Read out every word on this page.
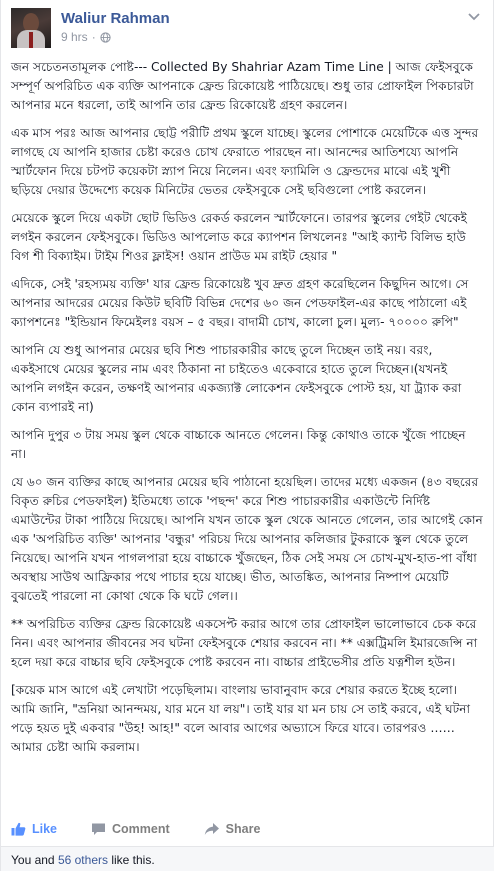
Waliur Rahman
9 hrs ·

জন সচেতনতামূলক পোষ্ট--- Collected By Shahriar Azam Time Line | আজ ফেইসবুকে সম্পূর্ণ অপরিচিত এক ব্যক্তি আপনাকে ফ্রেন্ড রিকোয়েষ্ট পাঠিয়েছে। শুধু তার প্রোফাইল পিকচারটা আপনার মনে ধরলো, তাই আপনি তার ফ্রেন্ড রিকোয়েষ্ট গ্রহণ করলেন।

এক মাস পরঃ আজ আপনার ছোট্ট পরীটি প্রথম স্কুলে যাচ্ছে। স্কুলের পোশাকে মেয়েটিকে এত্ত সুন্দর লাগছে যে আপনি হাজার চেষ্টা করেও চোখ ফেরাতে পারছেন না। আনন্দের আতিশয্যে আপনি স্মার্টফোন দিয়ে চটপট কয়েকটা স্ন্যাপ নিয়ে নিলেন। এবং ফ্যামিলি ও ফ্রেন্ডদের মাঝে এই খুশী ছড়িয়ে দেয়ার উদ্দেশ্যে কয়েক মিনিটের ভেতর ফেইসবুকে সেই ছবিগুলো পোষ্ট করলেন।

মেয়েকে স্কুলে দিয়ে একটা ছোট ভিডিও রেকর্ড করলেন স্মার্টফোনে। তারপর স্কুলের গেইট থেকেই লগইন করলেন ফেইসবুকে। ভিডিও আপলোড করে ক্যাপশন লিখলেনঃ "আই ক্যান্ট বিলিভ হাউ বিগ শী বিক্যাইম। টাইম শিওর ফ্লাইস! ওয়ান প্রাউড মম রাইট হেয়ার "

এদিকে, সেই 'রহস্যময় ব্যক্তি' যার ফ্রেন্ড রিকোয়েষ্ট খুব দ্রুত গ্রহণ করেছিলেন কিছুদিন আগে। সে আপনার আদরের মেয়ের কিউট ছবিটি বিভিন্ন দেশের ৬০ জন পেডফাইল-এর কাছে পাঠালো এই ক্যাপশনেঃ "ইন্ডিয়ান ফিমেইলঃ বয়স – ৫ বছর। বাদামী চোখ, কালো চুল। মুল্য- ৭০০০০ রুপি"

আপনি যে শুধু আপনার মেয়ের ছবি শিশু পাচারকারীর কাছে তুলে দিচ্ছেন তাই নয়। বরং, একইসাথে মেয়ের স্কুলের নাম এবং ঠিকানা না চাইতেও একেবারে হাতে তুলে দিচ্ছেন।(যখনই আপনি লগইন করেন, তক্ষণই আপনার একজ্যাক্ট লোকেশন ফেইসবুকে পোস্ট হয়, যা ট্র্যাক করা কোন ব্যপারই না)

আপনি দুপুর ৩ টায় সময় স্কুল থেকে বাচ্চাকে আনতে গেলেন। কিন্তু কোথাও তাকে খুঁজে পাচ্ছেন না।

যে ৬০ জন ব্যক্তির কাছে আপনার মেয়ের ছবি পাঠানো হয়েছিল। তাদের মধ্যে একজন (৪৩ বছরের বিকৃত রুচির পেডফাইল) ইতিমধ্যে তাকে 'পছন্দ' করে শিশু পাচারকারীর একাউন্টে নির্দিষ্ট এমাউন্টের টাকা পাঠিয়ে দিয়েছে। আপনি যখন তাকে স্কুল থেকে আনতে গেলেন, তার আগেই কোন এক 'অপরিচিত ব্যক্তি' আপনার 'বন্ধুর' পরিচয় দিয়ে আপনার কলিজার টুকরাকে স্কুল থেকে তুলে নিয়েছে। আপনি যখন পাগলপারা হয়ে বাচ্চাকে খুঁজছেন, ঠিক সেই সময় সে চোখ-মুখ-হাত-পা বাঁধা অবস্থায় সাউথ আফ্রিকার পথে পাচার হয়ে যাচ্ছে। ভীত, আতঙ্কিত, আপনার নিষ্পাপ মেয়েটি বুঝতেই পারলো না কোথা থেকে কি ঘটে গেল।।

** অপরিচিত ব্যক্তির ফ্রেন্ড রিকোয়েষ্ট একসেপ্ট করার আগে তার প্রোফাইল ভালোভাবে চেক করে নিন। এবং আপনার জীবনের সব ঘটনা ফেইসবুকে শেয়ার করবেন না। ** এক্সট্রিমলি ইমারজেন্সি না হলে দয়া করে বাচ্চার ছবি ফেইসবুকে পোষ্ট করবেন না। বাচ্চার প্রাইভেসীর প্রতি যত্নশীল হউন।

[কয়েক মাস আগে এই লেখাটা পড়েছিলাম। বাংলায় ভাবানুবাদ করে শেয়ার করতে ইচ্ছে হলো। আমি জানি, "ভ্রনিয়া আনন্দময়, যার মনে যা লয়"। তাই যার যা মন চায় সে তাই করবে, এই ঘটনা পড়ে হয়ত দুই একবার "উহ! আহ!" বলে আবার আগের অভ্যাসে ফিরে যাবে। তারপরও …… আমার চেষ্টা আমি করলাম।

Like	Comment	Share
You and 56 others like this.
